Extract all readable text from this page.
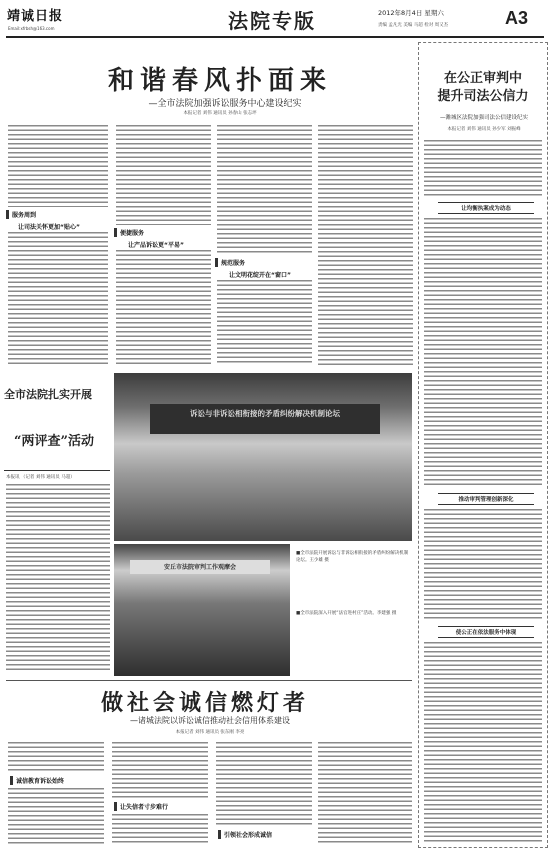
靖诚日报
Email:xfrbsh@163.com	法院专版	2012年8月4日 星期六
责编 孟凡光 美编 马超 检对 周又杰	A3
和谐春风扑面来
—全市法院加强诉讼服务中心建设纪实
本报记者 刘伟 通讯员 孙春山 张志坪
服务周到
让司法关怀更加“贴心”
便捷服务
让产品诉讼更“平易”
规范服务
让文明花绽开在“窗口”
在公正审判中
提升司法公信力
—潍城区法院加强司法公信建设纪实
本报记者 刘伟 通讯员 孙少军 刘振峰
让均衡执案成为动态
推动审判管理创新深化
使公正在依法服务中体现
全市法院扎实开展
“两评查”活动
本报讯 （记者 刘伟 通讯员 马超）
诉讼与非诉讼相衔接的矛盾纠纷解决机制论坛
安丘市法院审判工作观摩会
■全市法院开展诉讼与非诉讼相衔接的矛盾纠纷解决机制论坛。王少雄 摄
■全市法院深入开展“法官进村庄”活动。李建强 摄
做社会诚信燃灯者
—诸城法院以诉讼诚信推动社会信用体系建设
本报记者 刘伟 通讯员 张东刚 李亮
诚信教育诉讼始终
让失信者寸步难行
引领社会形成诚信
